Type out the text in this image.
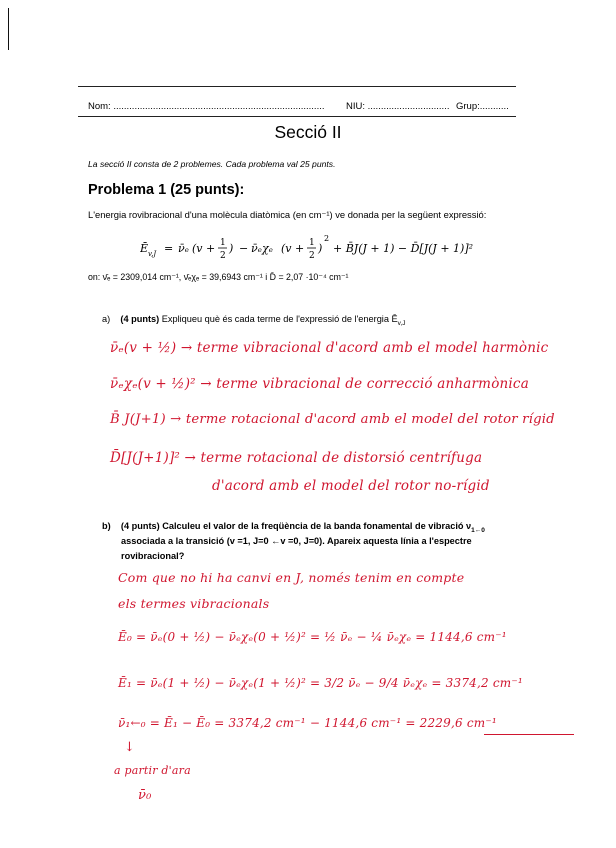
Nom: ................................................................................ NIU: ............................... Grup:...........
Secció II
La secció II consta de 2 problemes. Cada problema val 25 punts.
Problema 1 (25 punts):
L'energia rovibracional d'una molècula diatòmica (en cm⁻¹) ve donada per la següent expressió:
Ē v,J = ν̄ₑ (v + 1
2
) − ν̄ₑχₑ (v + 1
2
)
2
+ B̄J(J + 1) − D̄[J(J + 1)]²
on: ν̄ₑ = 2309,014 cm⁻¹, ν̄ₑχₑ = 39,6943 cm⁻¹ i D̄ = 2,07 ·10⁻⁴ cm⁻¹
a) (4 punts) Expliqueu què és cada terme de l'expressió de l'energia $Ē_{v,J}$
ν̄ₑ(v + ½) → terme vibracional d'acord amb el model harmònic
ν̄ₑχₑ(v + ½)² → terme vibracional de correcció anharmònica
B̄ J(J+1) → terme rotacional d'acord amb el model del rotor rígid
D̄[J(J+1)]² → terme rotacional de distorsió centrífuga
d'acord amb el model del rotor no-rígid
b) (4 punts) Calculeu el valor de la freqüència de la banda fonamental de vibració $\nu_{1\leftarrow 0}$
associada a la transició (v =1, J=0 ←v =0, J=0). Apareix aquesta línia a l'espectre
rovibracional?
Com que no hi ha canvi en J, només tenim en compte
els termes vibracionals
Ē₀ = ν̄ₑ(0 + ½) − ν̄ₑχₑ(0 + ½)² = ½ ν̄ₑ − ¼ ν̄ₑχₑ = 1144,6 cm⁻¹
Ē₁ = ν̄ₑ(1 + ½) − ν̄ₑχₑ(1 + ½)² = 3/2 ν̄ₑ − 9/4 ν̄ₑχₑ = 3374,2 cm⁻¹
ν̄₁←₀ = Ē₁ − Ē₀ = 3374,2 cm⁻¹ − 1144,6 cm⁻¹ = 2229,6 cm⁻¹
↓
a partir d'ara
ν̄₀
